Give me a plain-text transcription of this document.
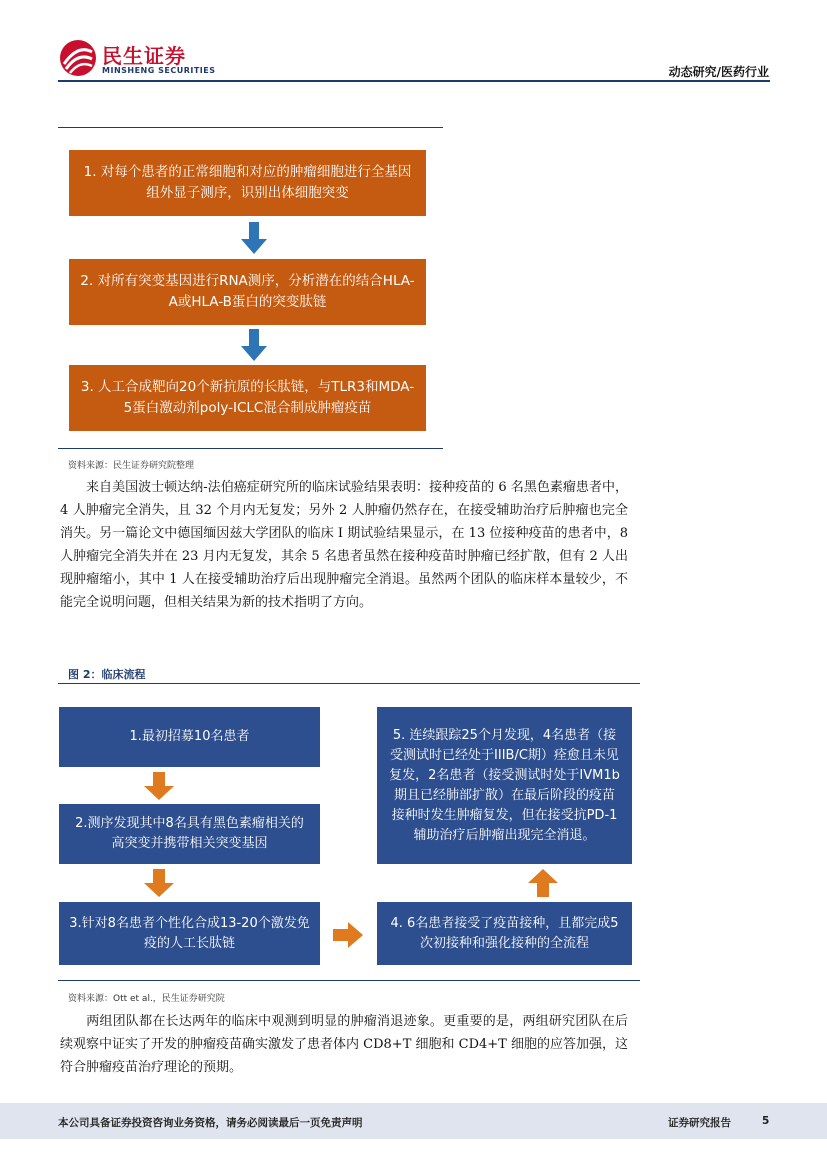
民生证券
MINSHENG SECURITIES	动态研究/医药行业
1. 对每个患者的正常细胞和对应的肿瘤细胞进行全基因组外显子测序，识别出体细胞突变
2. 对所有突变基因进行RNA测序，分析潜在的结合HLA-A或HLA-B蛋白的突变肽链
3. 人工合成靶向20个新抗原的长肽链，与TLR3和MDA-5蛋白激动剂poly-ICLC混合制成肿瘤疫苗
资料来源：民生证券研究院整理
来自美国波士顿达纳-法伯癌症研究所的临床试验结果表明：接种疫苗的 6 名黑色素瘤患者中，4 人肿瘤完全消失，且 32 个月内无复发；另外 2 人肿瘤仍然存在，在接受辅助治疗后肿瘤也完全消失。另一篇论文中德国缅因兹大学团队的临床 I 期试验结果显示，在 13 位接种疫苗的患者中，8 人肿瘤完全消失并在 23 月内无复发，其余 5 名患者虽然在接种疫苗时肿瘤已经扩散，但有 2 人出现肿瘤缩小，其中 1 人在接受辅助治疗后出现肿瘤完全消退。虽然两个团队的临床样本量较少，不能完全说明问题，但相关结果为新的技术指明了方向。
图 2：临床流程
1.最初招募10名患者
2.测序发现其中8名具有黑色素瘤相关的高突变并携带相关突变基因
3.针对8名患者个性化合成13-20个激发免疫的人工长肽链
4. 6名患者接受了疫苗接种，且都完成5次初接种和强化接种的全流程
5. 连续跟踪25个月发现，4名患者（接受测试时已经处于IIIB/C期）痊愈且未见复发，2名患者（接受测试时处于IVM1b期且已经肺部扩散）在最后阶段的疫苗接种时发生肿瘤复发，但在接受抗PD-1辅助治疗后肿瘤出现完全消退。
资料来源：Ott et al.，民生证券研究院
两组团队都在长达两年的临床中观测到明显的肿瘤消退迹象。更重要的是，两组研究团队在后续观察中证实了开发的肿瘤疫苗确实激发了患者体内 CD8+T 细胞和 CD4+T 细胞的应答加强，这符合肿瘤疫苗治疗理论的预期。
本公司具备证券投资咨询业务资格，请务必阅读最后一页免责声明	证券研究报告	5
